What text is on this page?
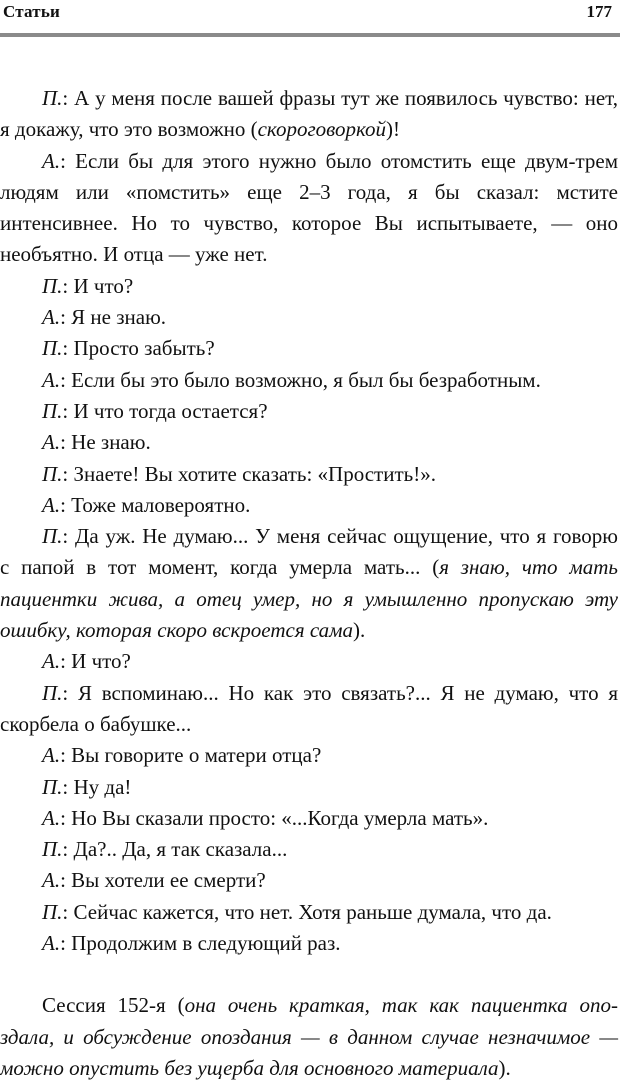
Статьи	177
П.: А у меня после вашей фразы тут же появилось чувство: нет,
я докажу, что это возможно (скороговоркой)!
А.: Если бы для этого нужно было отомстить еще двум-трем
людям или «помстить» еще 2–3 года, я бы сказал: мстите
интенсивнее. Но то чувство, которое Вы испытываете, — оно
необъятно. И отца — уже нет.
П.: И что?
А.: Я не знаю.
П.: Просто забыть?
А.: Если бы это было возможно, я был бы безработным.
П.: И что тогда остается?
А.: Не знаю.
П.: Знаете! Вы хотите сказать: «Простить!».
А.: Тоже маловероятно.
П.: Да уж. Не думаю... У меня сейчас ощущение, что я говорю
с папой в тот момент, когда умерла мать... (я знаю, что мать
пациентки жива, а отец умер, но я умышленно пропускаю эту
ошибку, которая скоро вскроется сама).
А.: И что?
П.: Я вспоминаю... Но как это связать?... Я не думаю, что я
скорбела о бабушке...
А.: Вы говорите о матери отца?
П.: Ну да!
А.: Но Вы сказали просто: «...Когда умерла мать».
П.: Да?.. Да, я так сказала...
А.: Вы хотели ее смерти?
П.: Сейчас кажется, что нет. Хотя раньше думала, что да.
А.: Продолжим в следующий раз.
Сессия 152-я (она очень краткая, так как пациентка опо-
здала, и обсуждение опоздания — в данном случае незначимое —
можно опустить без ущерба для основного материала).
